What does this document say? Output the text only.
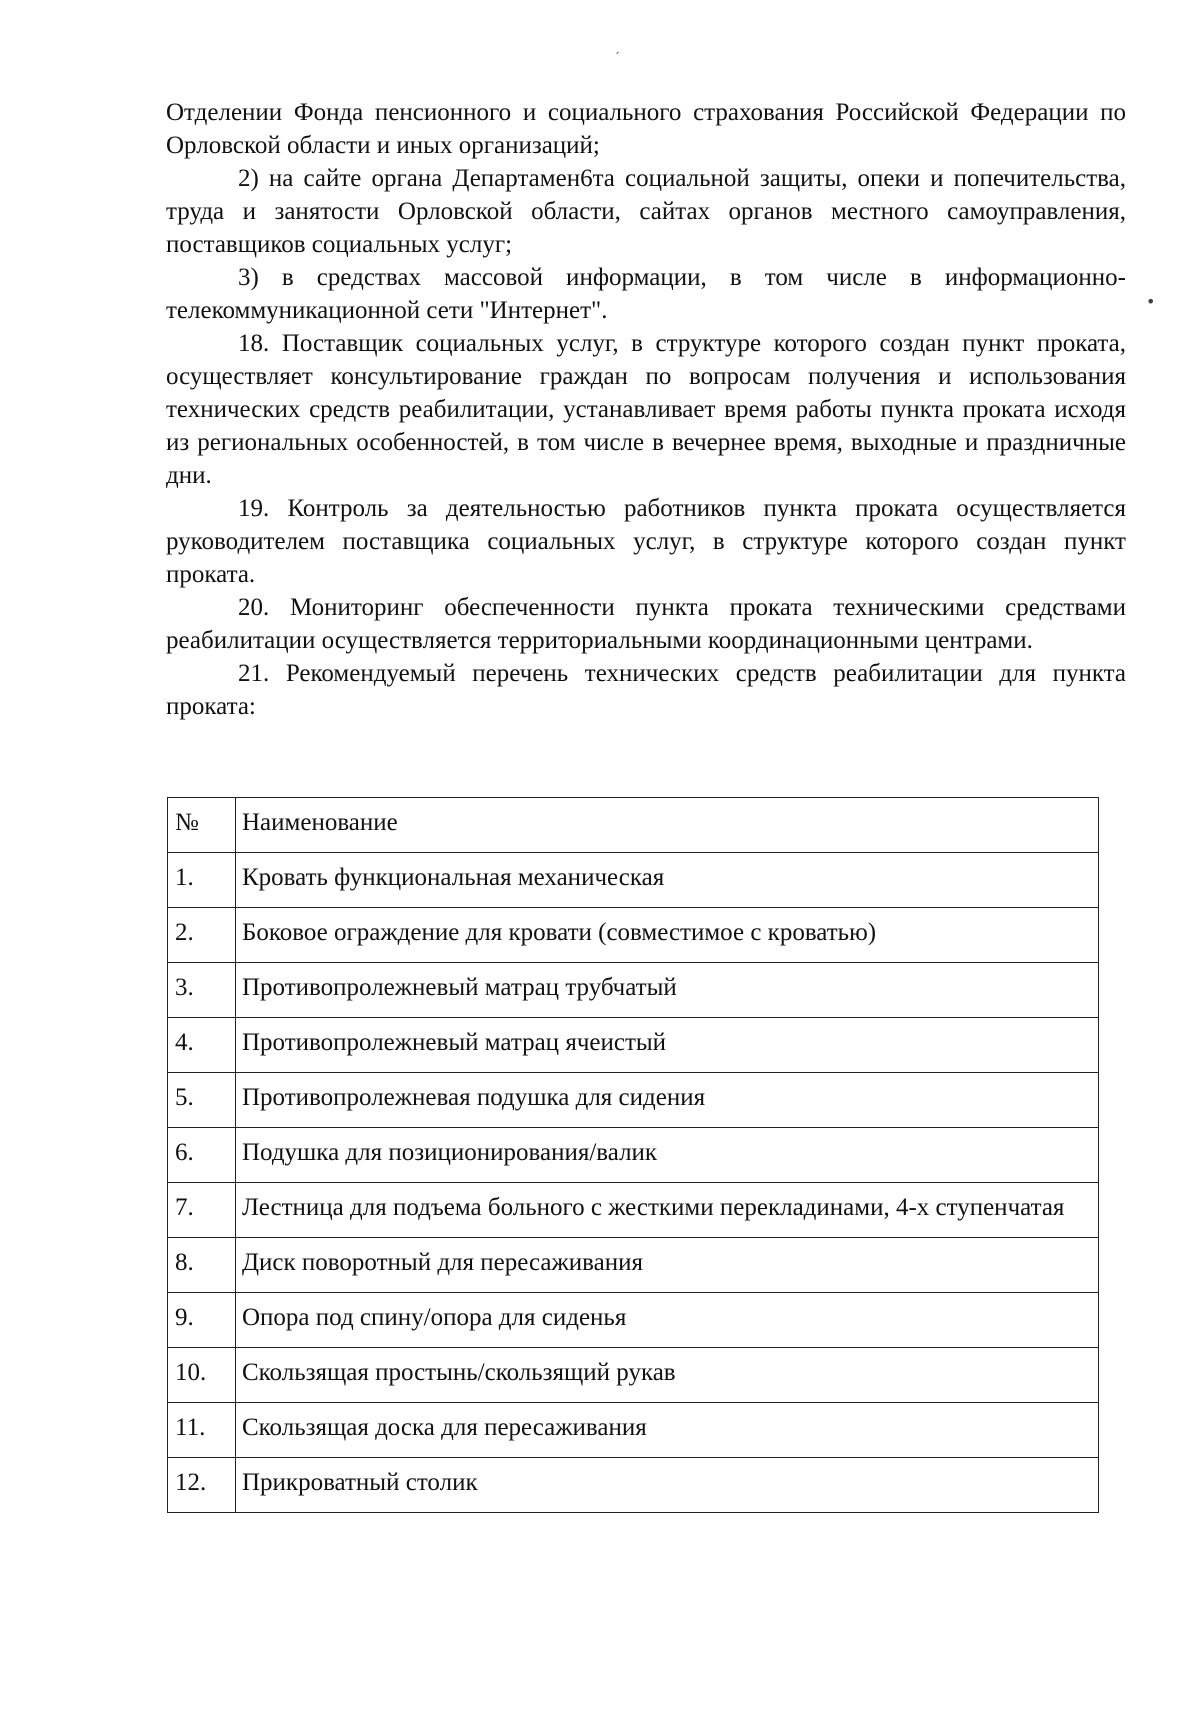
ˏ
•

Отделении Фонда пенсионного и социального страхования Российской Федерации по Орловской области и иных организаций;

2) на сайте органа Департамен6та социальной защиты, опеки и попечительства, труда и занятости Орловской области, сайтах органов местного самоуправления, поставщиков социальных услуг;

3) в средствах массовой информации, в том числе в информационно-телекоммуникационной сети "Интернет".

18. Поставщик социальных услуг, в структуре которого создан пункт проката, осуществляет консультирование граждан по вопросам получения и использования технических средств реабилитации, устанавливает время работы пункта проката исходя из региональных особенностей, в том числе в вечернее время, выходные и праздничные дни.

19. Контроль за деятельностью работников пункта проката осуществляется руководителем поставщика социальных услуг, в структуре которого создан пункт проката.

20. Мониторинг обеспеченности пункта проката техническими средствами реабилитации осуществляется территориальными координационными центрами.

21. Рекомендуемый перечень технических средств реабилитации для пункта проката:

№	Наименование
1.	Кровать функциональная механическая
2.	Боковое ограждение для кровати (совместимое с кроватью)
3.	Противопролежневый матрац трубчатый
4.	Противопролежневый матрац ячеистый
5.	Противопролежневая подушка для сидения
6.	Подушка для позиционирования/валик
7.	Лестница для подъема больного с жесткими перекладинами, 4-х ступенчатая
8.	Диск поворотный для пересаживания
9.	Опора под спину/опора для сиденья
10.	Скользящая простынь/скользящий рукав
11.	Скользящая доска для пересаживания
12.	Прикроватный столик
